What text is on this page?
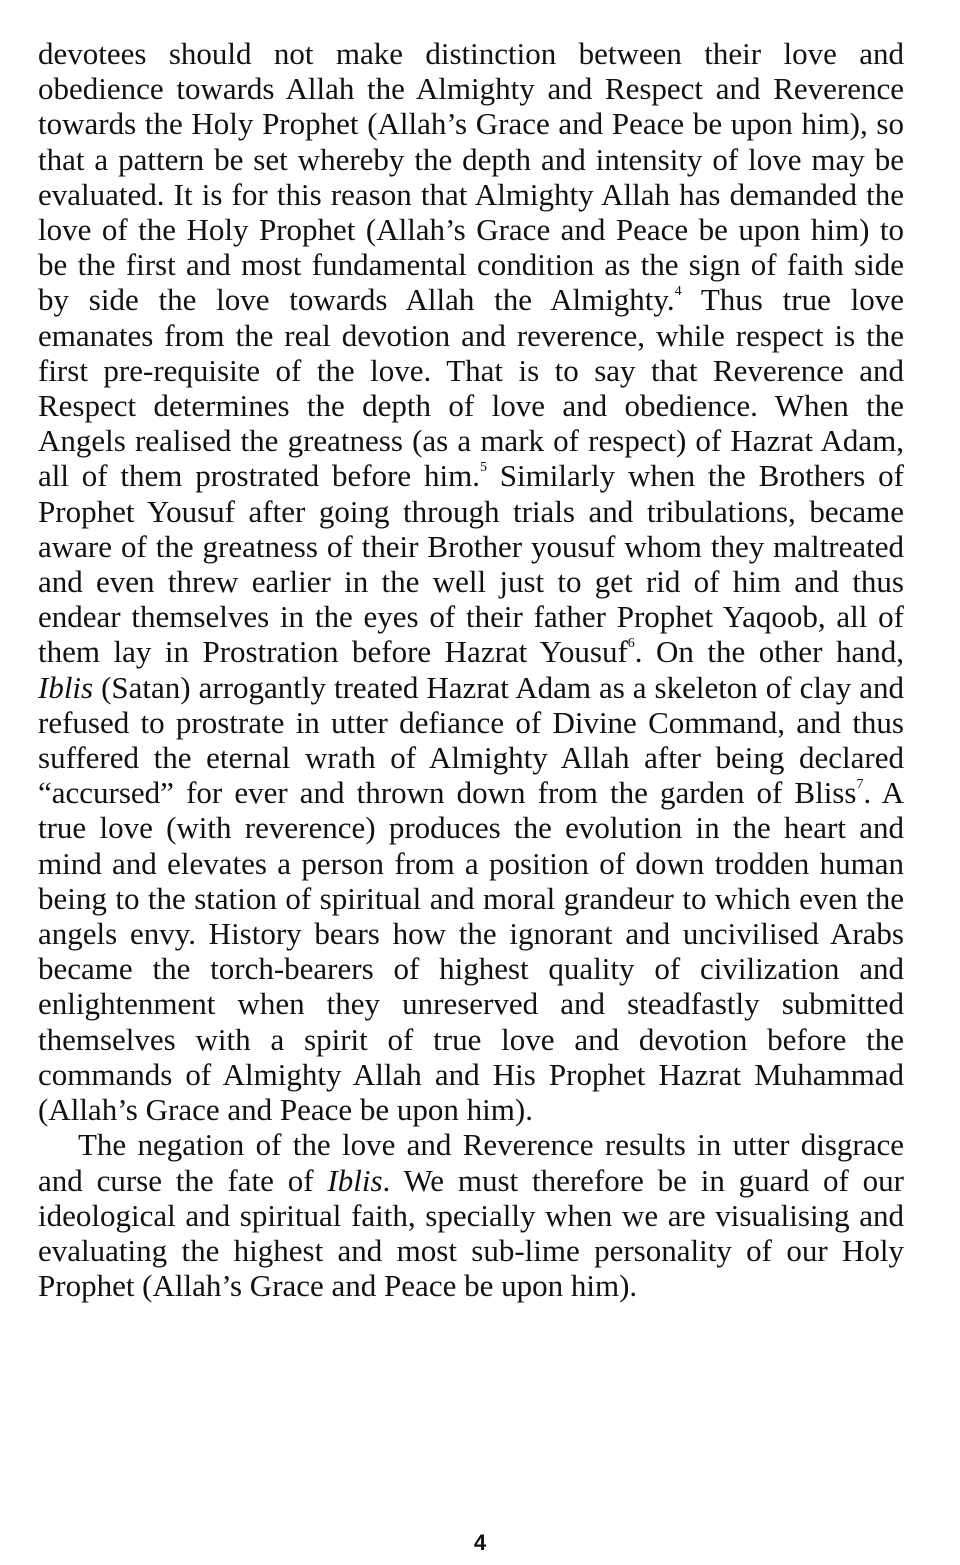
devotees should not make distinction between their love and obedience towards Allah the Almighty and Respect and Reverence towards the Holy Prophet (Allah’s Grace and Peace be upon him), so that a pattern be set whereby the depth and intensity of love may be evaluated. It is for this reason that Almighty Allah has demanded the love of the Holy Prophet (Allah’s Grace and Peace be upon him) to be the first and most fundamental condition as the sign of faith side by side the love towards Allah the Almighty.$^4$ Thus true love emanates from the real devotion and reverence, while respect is the first pre-requisite of the love. That is to say that Reverence and Respect determines the depth of love and obedience. When the Angels realised the greatness (as a mark of respect) of Hazrat Adam, all of them prostrated before him.$^5$ Similarly when the Brothers of Prophet Yousuf after going through trials and tribulations, became aware of the greatness of their Brother yousuf whom they maltreated and even threw earlier in the well just to get rid of him and thus endear themselves in the eyes of their father Prophet Yaqoob, all of them lay in Prostration before Hazrat Yousuf$^6$. On the other hand, Iblis (Satan) arrogantly treated Hazrat Adam as a skeleton of clay and refused to prostrate in utter defiance of Divine Command, and thus suffered the eternal wrath of Almighty Allah after being declared “accursed” for ever and thrown down from the garden of Bliss$^7$. A true love (with reverence) produces the evolution in the heart and mind and elevates a person from a position of down trodden human being to the station of spiritual and moral grandeur to which even the angels envy. History bears how the ignorant and uncivilised Arabs became the torch-bearers of highest quality of civilization and enlightenment when they unreserved and steadfastly submitted themselves with a spirit of true love and devotion before the commands of Almighty Allah and His Prophet Hazrat Muhammad (Allah’s Grace and Peace be upon him).

The negation of the love and Reverence results in utter disgrace and curse the fate of Iblis. We must therefore be in guard of our ideological and spiritual faith, specially when we are visualising and evaluating the highest and most sub-lime personality of our Holy Prophet (Allah’s Grace and Peace be upon him).

4
